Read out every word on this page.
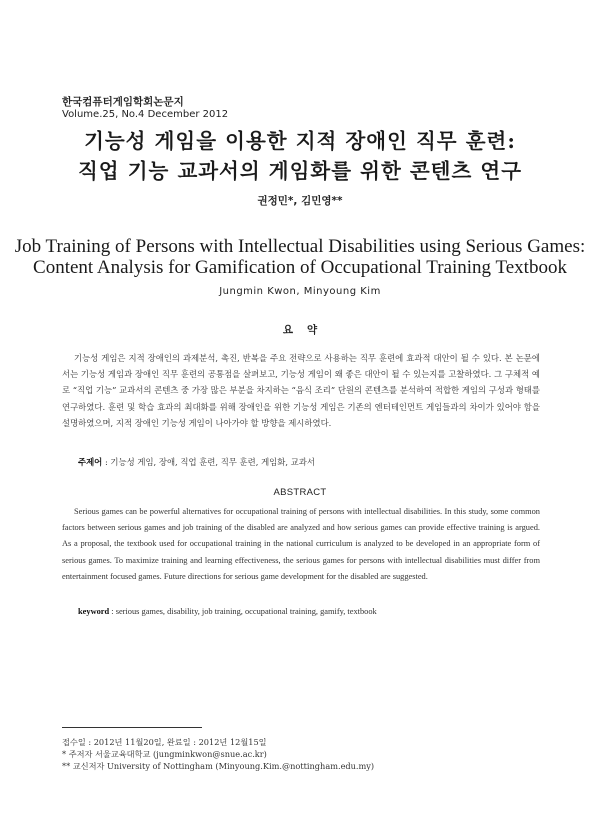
한국컴퓨터게임학회논문지
Volume.25, No.4 December 2012
기능성 게임을 이용한 지적 장애인 직무 훈련:
직업 기능 교과서의 게임화를 위한 콘텐츠 연구
권정민*, 김민영**
Job Training of Persons with Intellectual Disabilities using Serious Games:
Content Analysis for Gamification of Occupational Training Textbook
Jungmin Kwon, Minyoung Kim
요약
기능성 게임은 지적 장애인의 과제분석, 촉진, 반복을 주요 전략으로 사용하는 직무 훈련에 효과적 대안이 될 수 있다. 본 논문에서는 기능성 게임과 장애인 직무 훈련의 공통점을 살펴보고, 기능성 게임이 왜 좋은 대안이 될 수 있는지를 고찰하였다. 그 구체적 예로 “직업 기능” 교과서의 콘텐츠 중 가장 많은 부분을 차지하는 “음식 조리” 단원의 콘텐츠를 분석하여 적합한 게임의 구성과 형태를 연구하였다. 훈련 및 학습 효과의 최대화를 위해 장애인을 위한 기능성 게임은 기존의 엔터테인먼트 게임들과의 차이가 있어야 함을 설명하였으며, 지적 장애인 기능성 게임이 나아가야 할 방향을 제시하였다.
주제어 : 기능성 게임, 장애, 직업 훈련, 직무 훈련, 게임화, 교과서
ABSTRACT
Serious games can be powerful alternatives for occupational training of persons with intellectual disabilities. In this study, some common factors between serious games and job training of the disabled are analyzed and how serious games can provide effective training is argued. As a proposal, the textbook used for occupational training in the national curriculum is analyzed to be developed in an appropriate form of serious games. To maximize training and learning effectiveness, the serious games for persons with intellectual disabilities must differ from entertainment focused games. Future directions for serious game development for the disabled are suggested.
keyword : serious games, disability, job training, occupational training, gamify, textbook
접수일 : 2012년 11월20일, 완료일 : 2012년 12월15일
* 주저자 서울교육대학교 (jungminkwon@snue.ac.kr)
** 교신저자 University of Nottingham (Minyoung.Kim.@nottingham.edu.my)
